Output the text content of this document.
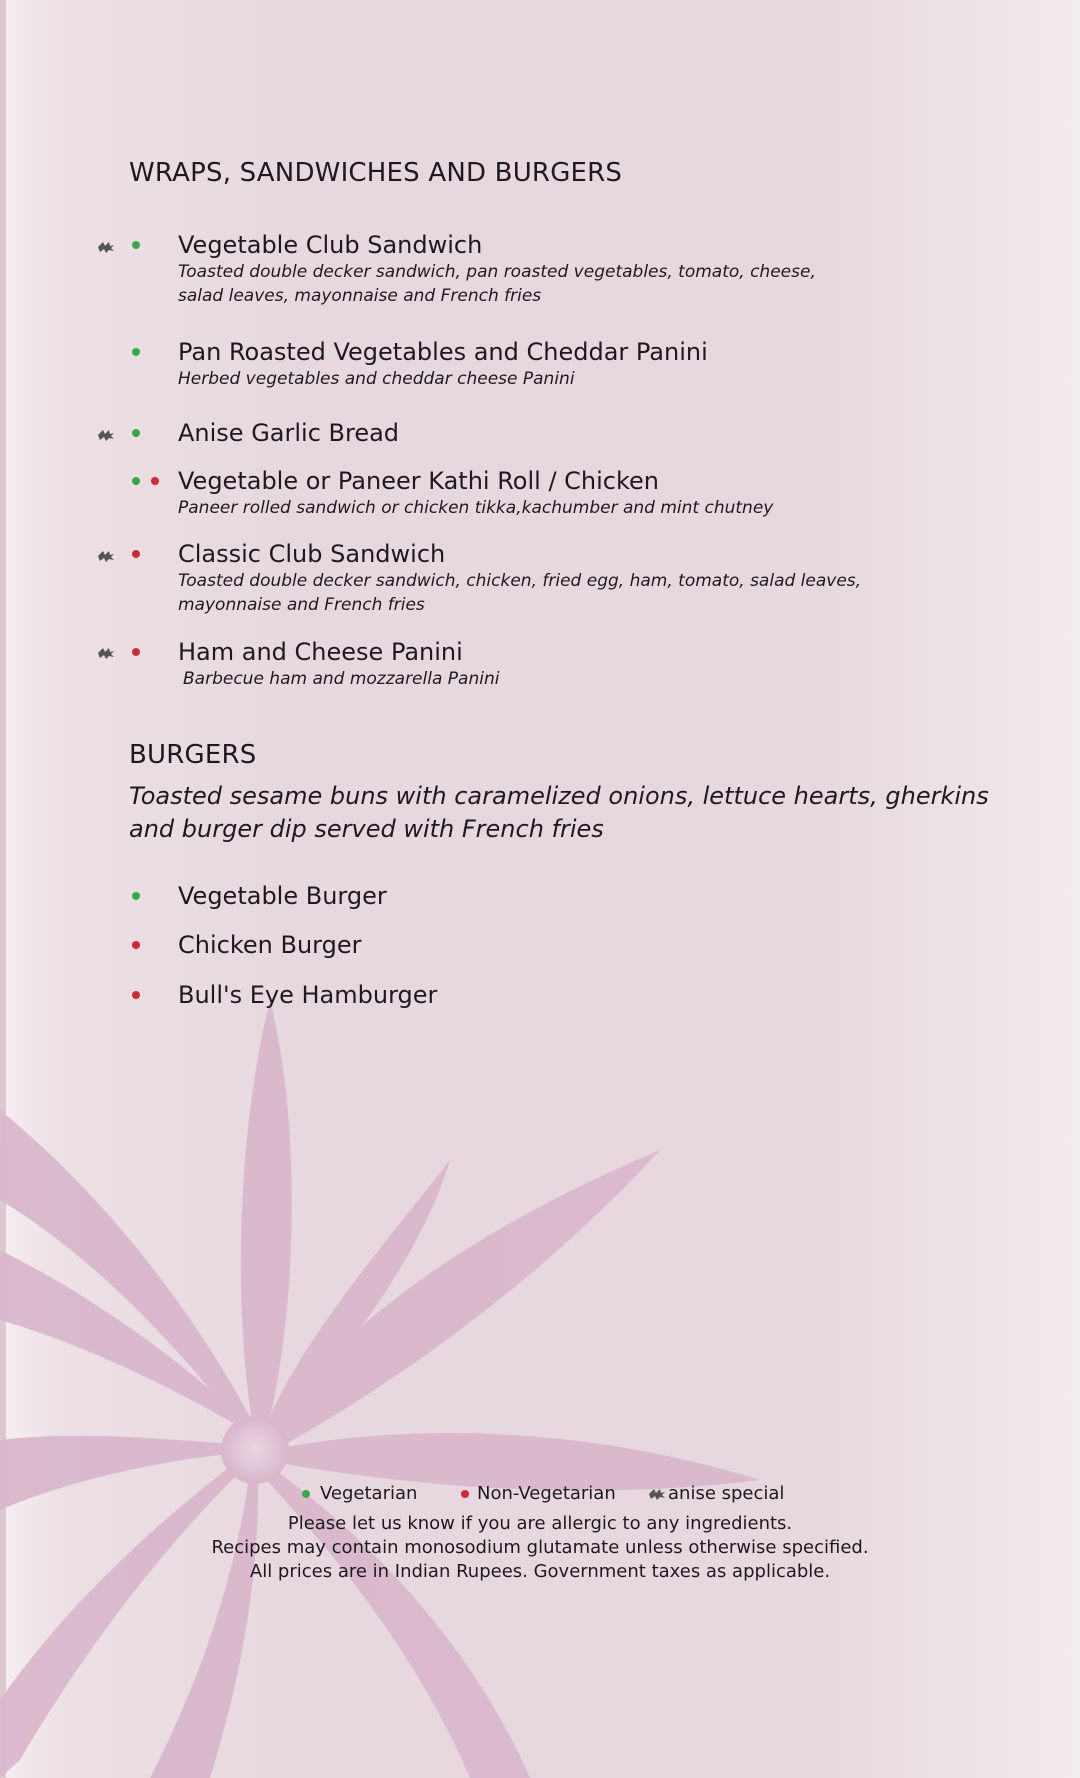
WRAPS, SANDWICHES AND BURGERS
Vegetable Club Sandwich
Toasted double decker sandwich, pan roasted vegetables, tomato, cheese, salad leaves, mayonnaise and French fries
Pan Roasted Vegetables and Cheddar Panini
Herbed vegetables and cheddar cheese Panini
Anise Garlic Bread
Vegetable or Paneer Kathi Roll / Chicken
Paneer rolled sandwich or chicken tikka,kachumber and mint chutney
Classic Club Sandwich
Toasted double decker sandwich, chicken, fried egg, ham, tomato, salad leaves, mayonnaise and French fries
Ham and Cheese Panini
Barbecue ham and mozzarella Panini
BURGERS
Toasted sesame buns with caramelized onions, lettuce hearts, gherkins and burger dip served with French fries
Vegetable Burger
Chicken Burger
Bull's Eye Hamburger
Vegetarian	Non-Vegetarian	anise special
Please let us know if you are allergic to any ingredients.
Recipes may contain monosodium glutamate unless otherwise specified.
All prices are in Indian Rupees. Government taxes as applicable.
